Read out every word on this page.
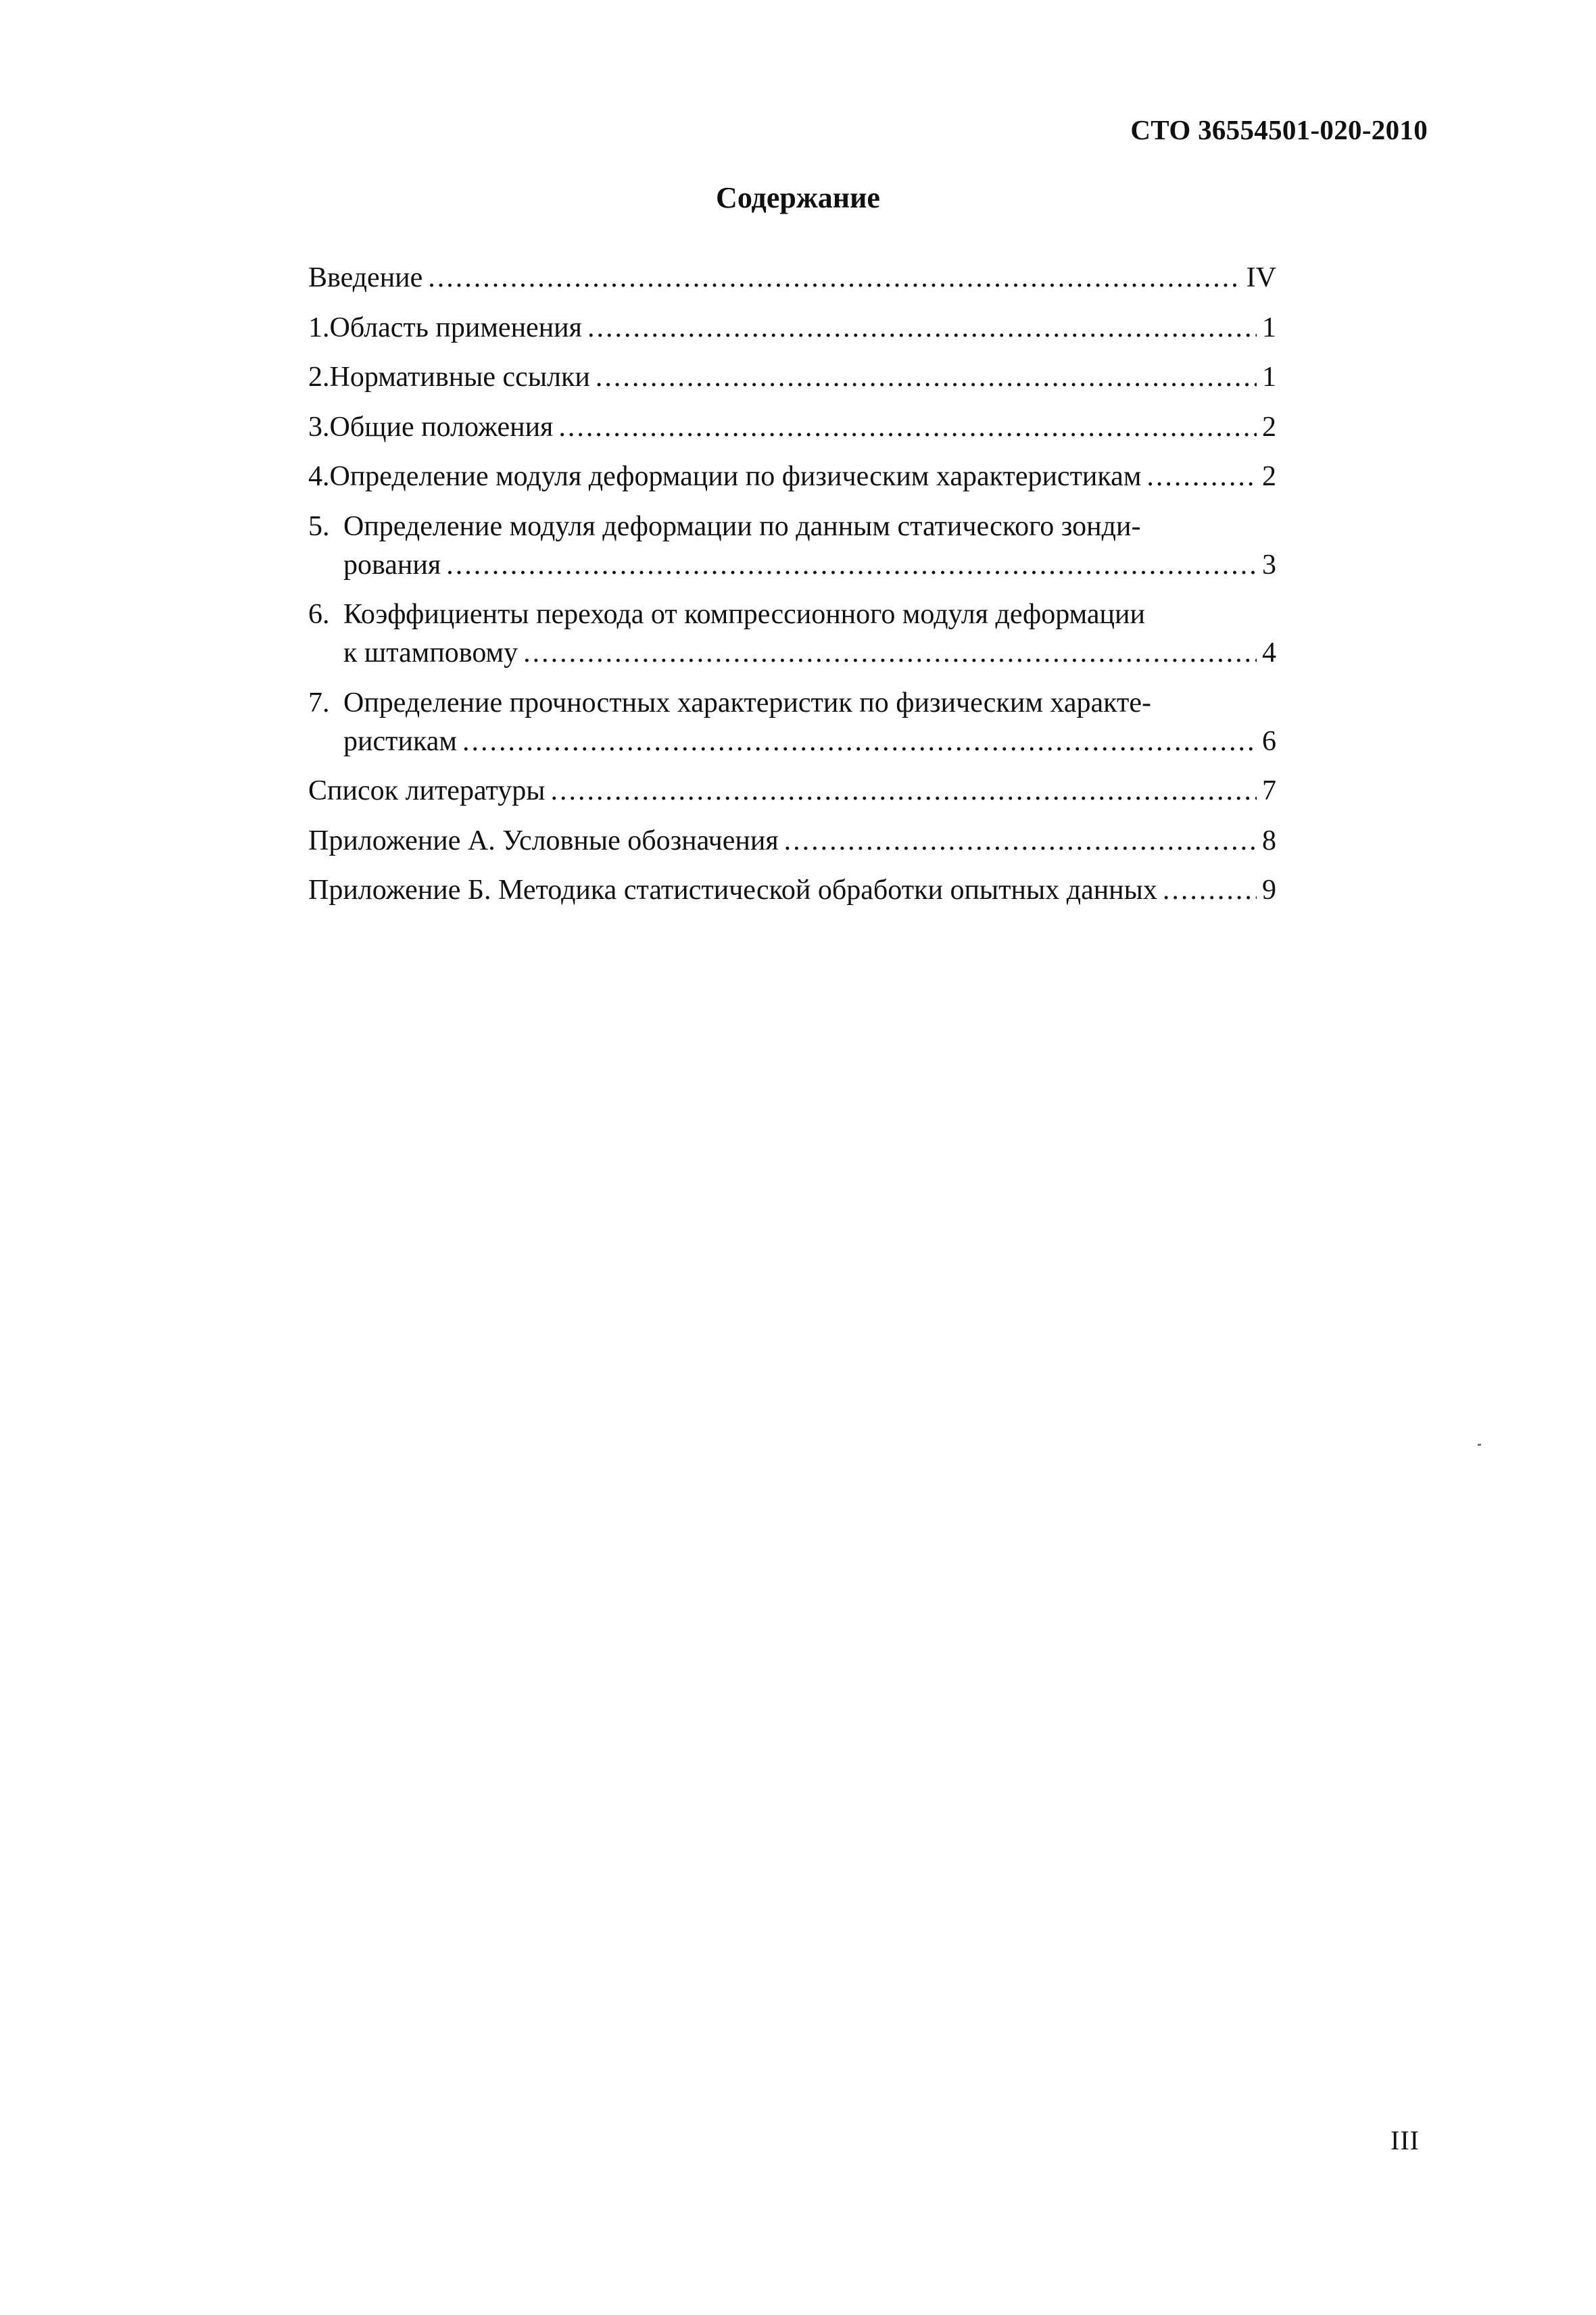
СТО 36554501-020-2010
Содержание
Введение .....	IV
1. Область применения .....	1
2. Нормативные ссылки .....	1
3. Общие положения .....	2
4. Определение модуля деформации по физическим характеристикам .....	2
5. Определение модуля деформации по данным статического зонди-
рования .....	3
6. Коэффициенты перехода от компрессионного модуля деформации
к штамповому .....	4
7. Определение прочностных характеристик по физическим характе-
ристикам .....	6
Список литературы .....	7
Приложение А. Условные обозначения .....	8
Приложение Б. Методика статистической обработки опытных данных .....	9
III
